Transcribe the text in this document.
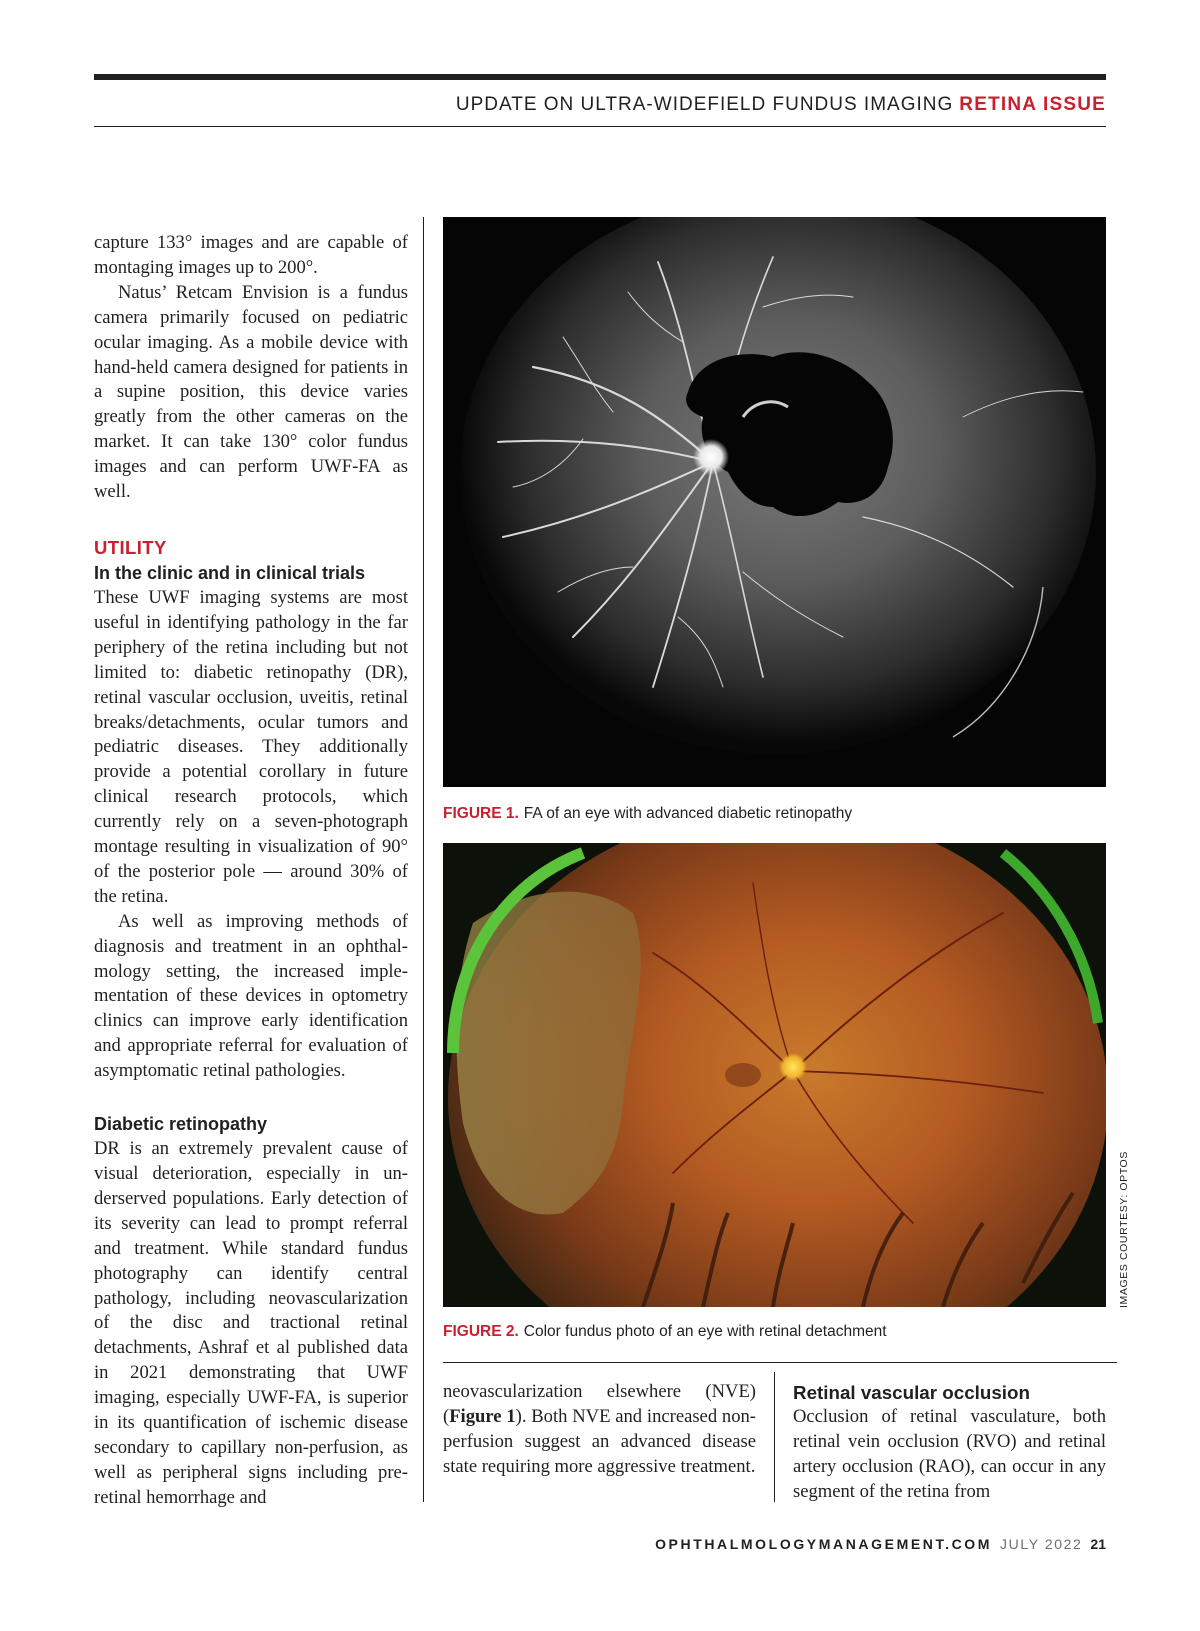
UPDATE ON ULTRA-WIDEFIELD FUNDUS IMAGING RETINA ISSUE

capture 133° images and are capable of montaging images up to 200°.

Natus’ Retcam Envision is a fundus camera primarily focused on pediatric ocular imaging. As a mobile device with hand-held camera designed for patients in a supine position, this device varies greatly from the other cameras on the market. It can take 130° color fundus images and can perform UWF-FA as well.

UTILITY
In the clinic and in clinical trials

These UWF imaging systems are most useful in identifying pathology in the far periphery of the retina including but not limited to: diabetic retinopathy (DR), retinal vascular occlusion, uveitis, retinal breaks/detachments, ocular tumors and pediatric diseases. They additionally provide a potential corollary in future clinical research protocols, which currently rely on a seven-photograph montage resulting in visualization of 90° of the posterior pole — around 30% of the retina.

As well as improving methods of diagnosis and treatment in an ophthalmology setting, the increased implementation of these devices in optometry clinics can improve early identification and appropriate referral for evaluation of asymptomatic retinal pathologies.

Diabetic retinopathy

DR is an extremely prevalent cause of visual deterioration, especially in underserved populations. Early detection of its severity can lead to prompt referral and treatment. While standard fundus photography can identify central pathology, including neovascularization of the disc and tractional retinal detachments, Ashraf et al published data in 2021 demonstrating that UWF imaging, especially UWF-FA, is superior in its quantification of ischemic disease secondary to capillary non-perfusion, as well as peripheral signs including pre-retinal hemorrhage and

FIGURE 1. FA of an eye with advanced diabetic retinopathy
FIGURE 2. Color fundus photo of an eye with retinal detachment
IMAGES COURTESY: OPTOS

neovascularization elsewhere (NVE) (Figure 1). Both NVE and increased non-perfusion suggest an advanced disease state requiring more aggressive treatment.

Retinal vascular occlusion

Occlusion of retinal vasculature, both retinal vein occlusion (RVO) and retinal artery occlusion (RAO), can occur in any segment of the retina from

OPHTHALMOLOGYMANAGEMENT.COM JULY 2022 21
